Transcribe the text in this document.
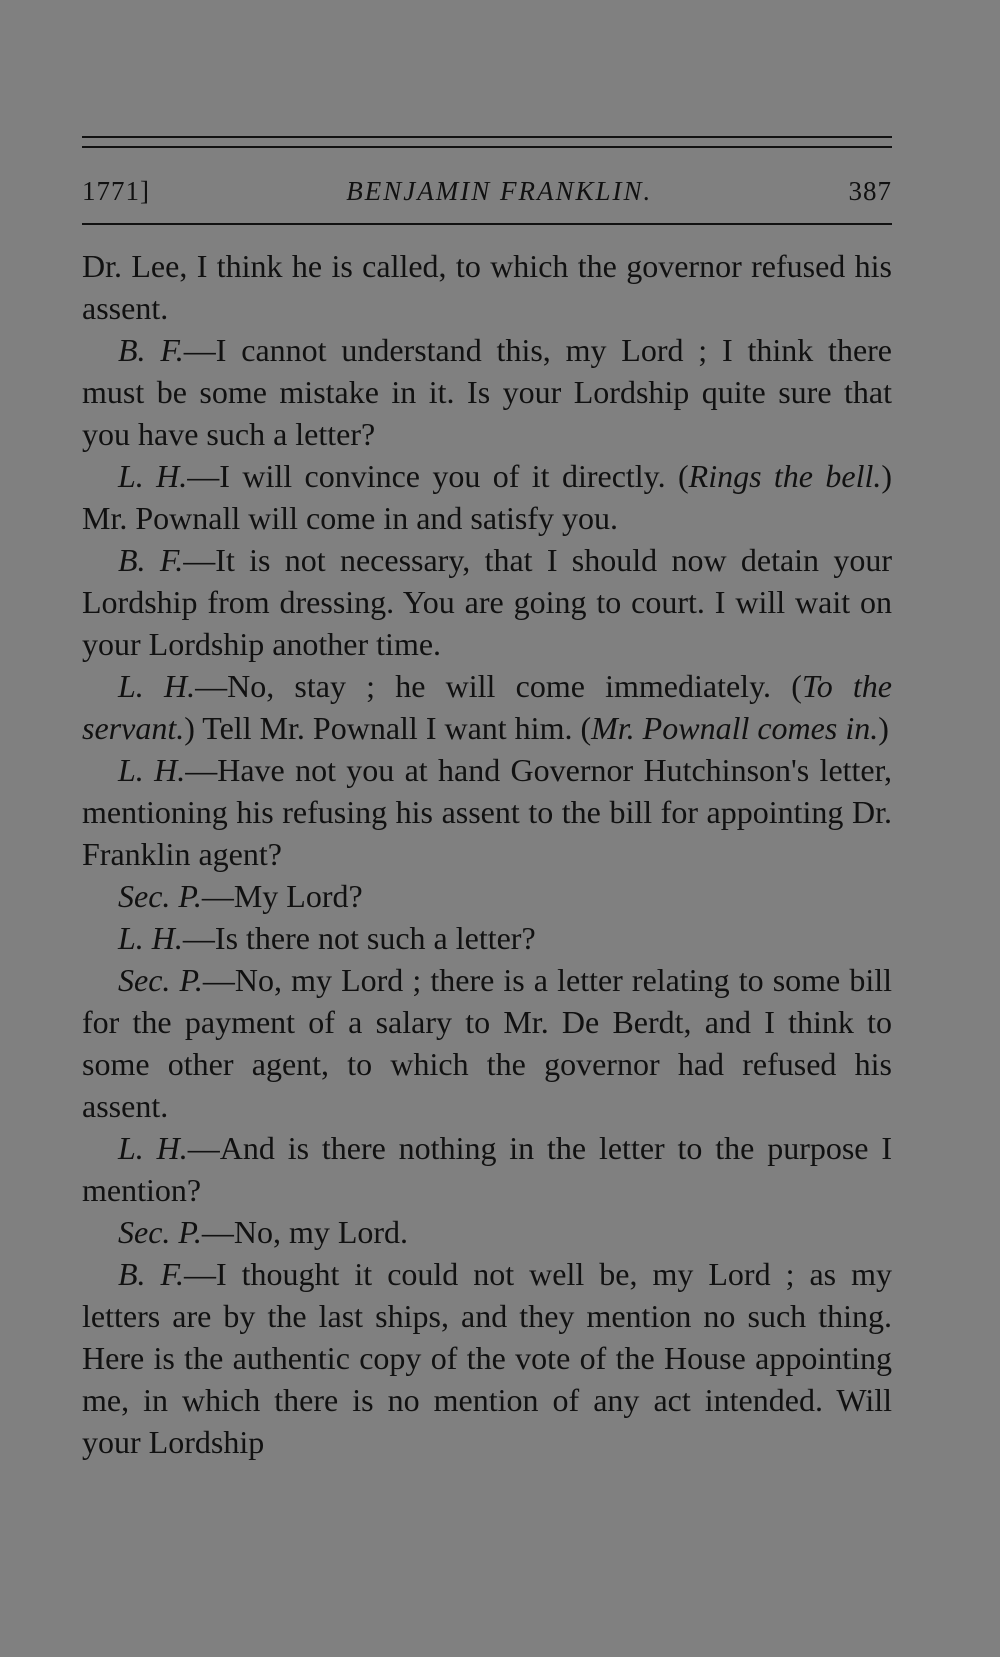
1771]	BENJAMIN FRANKLIN.	387

Dr. Lee, I think he is called, to which the governor refused his assent.

B. F.—I cannot understand this, my Lord ; I think there must be some mistake in it. Is your Lordship quite sure that you have such a letter?

L. H.—I will convince you of it directly. (Rings the bell.) Mr. Pownall will come in and satisfy you.

B. F.—It is not necessary, that I should now detain your Lordship from dressing. You are going to court. I will wait on your Lordship another time.

L. H.—No, stay ; he will come immediately. (To the servant.) Tell Mr. Pownall I want him. (Mr. Pownall comes in.)

L. H.—Have not you at hand Governor Hutchinson's letter, mentioning his refusing his assent to the bill for appointing Dr. Franklin agent?

Sec. P.—My Lord?

L. H.—Is there not such a letter?

Sec. P.—No, my Lord ; there is a letter relating to some bill for the payment of a salary to Mr. De Berdt, and I think to some other agent, to which the governor had refused his assent.

L. H.—And is there nothing in the letter to the purpose I mention?

Sec. P.—No, my Lord.

B. F.—I thought it could not well be, my Lord ; as my letters are by the last ships, and they mention no such thing. Here is the authentic copy of the vote of the House appointing me, in which there is no mention of any act intended. Will your Lordship
